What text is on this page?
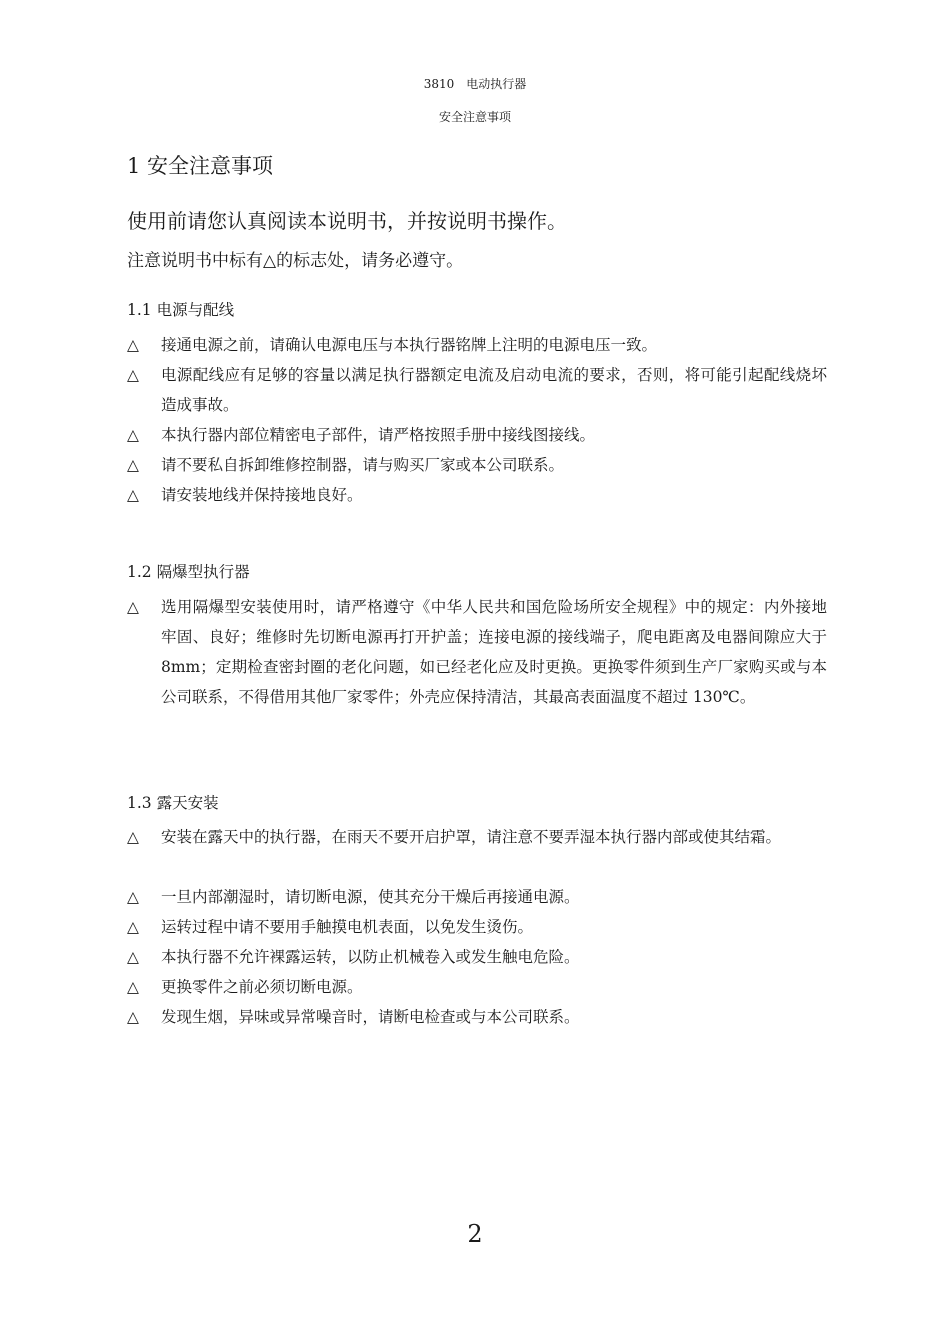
3810　电动执行器
安全注意事项
1 安全注意事项
使用前请您认真阅读本说明书，并按说明书操作。
注意说明书中标有△的标志处，请务必遵守。
1.1 电源与配线
△	接通电源之前，请确认电源电压与本执行器铭牌上注明的电源电压一致。
△	电源配线应有足够的容量以满足执行器额定电流及启动电流的要求，否则，将可能引起配线烧坏造成事故。
△	本执行器内部位精密电子部件，请严格按照手册中接线图接线。
△	请不要私自拆卸维修控制器，请与购买厂家或本公司联系。
△	请安装地线并保持接地良好。
1.2 隔爆型执行器
△	选用隔爆型安装使用时，请严格遵守《中华人民共和国危险场所安全规程》中的规定：内外接地牢固、良好；维修时先切断电源再打开护盖；连接电源的接线端子，爬电距离及电器间隙应大于 8mm；定期检查密封圈的老化问题，如已经老化应及时更换。更换零件须到生产厂家购买或与本公司联系，不得借用其他厂家零件；外壳应保持清洁，其最高表面温度不超过 130℃。
1.3 露天安装
△	安装在露天中的执行器，在雨天不要开启护罩，请注意不要弄湿本执行器内部或使其结霜。
△	一旦内部潮湿时，请切断电源，使其充分干燥后再接通电源。
△	运转过程中请不要用手触摸电机表面，以免发生烫伤。
△	本执行器不允许裸露运转，以防止机械卷入或发生触电危险。
△	更换零件之前必须切断电源。
△	发现生烟，异味或异常噪音时，请断电检查或与本公司联系。
2
